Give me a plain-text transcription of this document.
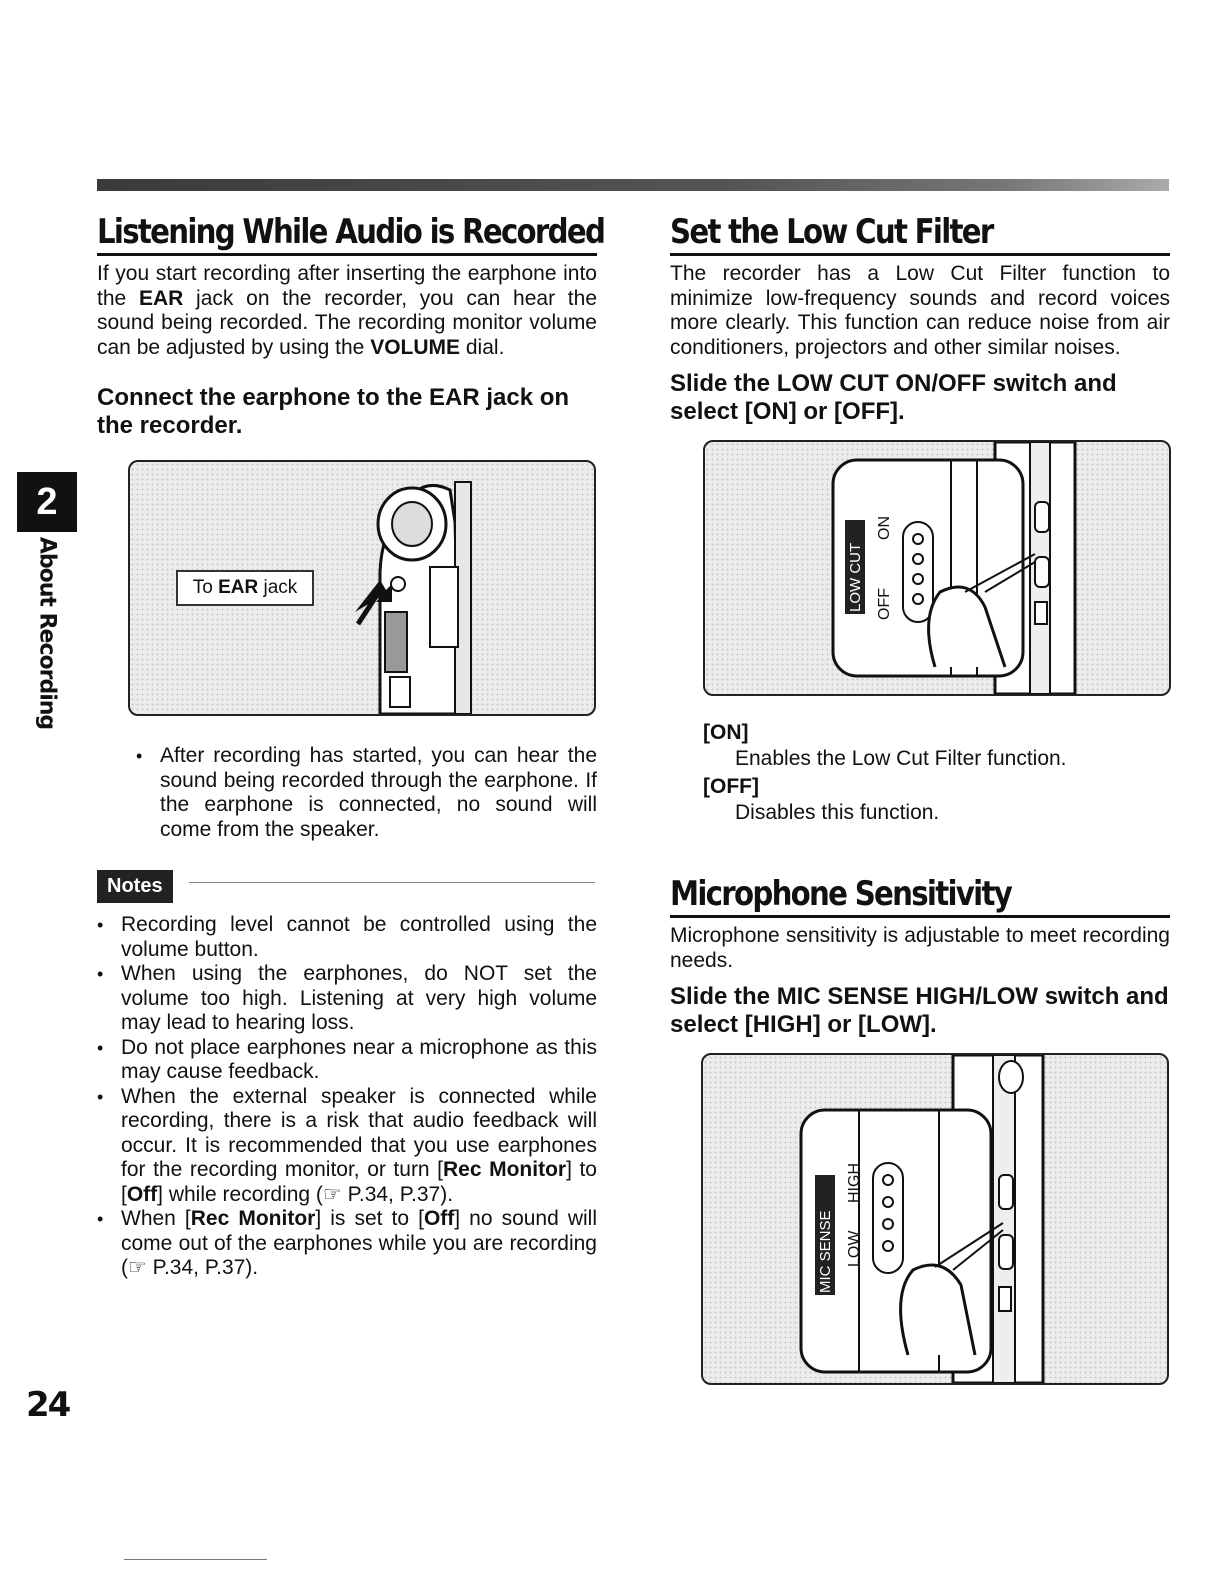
2
About Recording
Listening While Audio is Recorded

If you start recording after inserting the earphone into the EAR jack on the recorder, you can hear the sound being recorded. The recording monitor volume can be adjusted by using the VOLUME dial.

Connect the earphone to the EAR jack on the recorder.

To EAR jack
• After recording has started, you can hear the sound being recorded through the earphone. If the earphone is connected, no sound will come from the speaker.
Notes
• Recording level cannot be controlled using the volume button.
• When using the earphones, do NOT set the volume too high. Listening at very high volume may lead to hearing loss.
• Do not place earphones near a microphone as this may cause feedback.
• When the external speaker is connected while recording, there is a risk that audio feedback will occur. It is recommended that you use earphones for the recording monitor, or turn [Rec Monitor] to [Off] while recording (☞ P.34, P.37).
• When [Rec Monitor] is set to [Off] no sound will come out of the earphones while you are recording (☞ P.34, P.37).
Set the Low Cut Filter

The recorder has a Low Cut Filter function to minimize low-frequency sounds and record voices more clearly. This function can reduce noise from air conditioners, projectors and other similar noises.

Slide the LOW CUT ON/OFF switch and select [ON] or [OFF].

LOW CUT
ON
OFF

[ON]

Enables the Low Cut Filter function.

[OFF]

Disables this function.

Microphone Sensitivity

Microphone sensitivity is adjustable to meet recording needs.

Slide the MIC SENSE HIGH/LOW switch and select [HIGH] or [LOW].

MIC SENSE
HIGH
LOW
24
